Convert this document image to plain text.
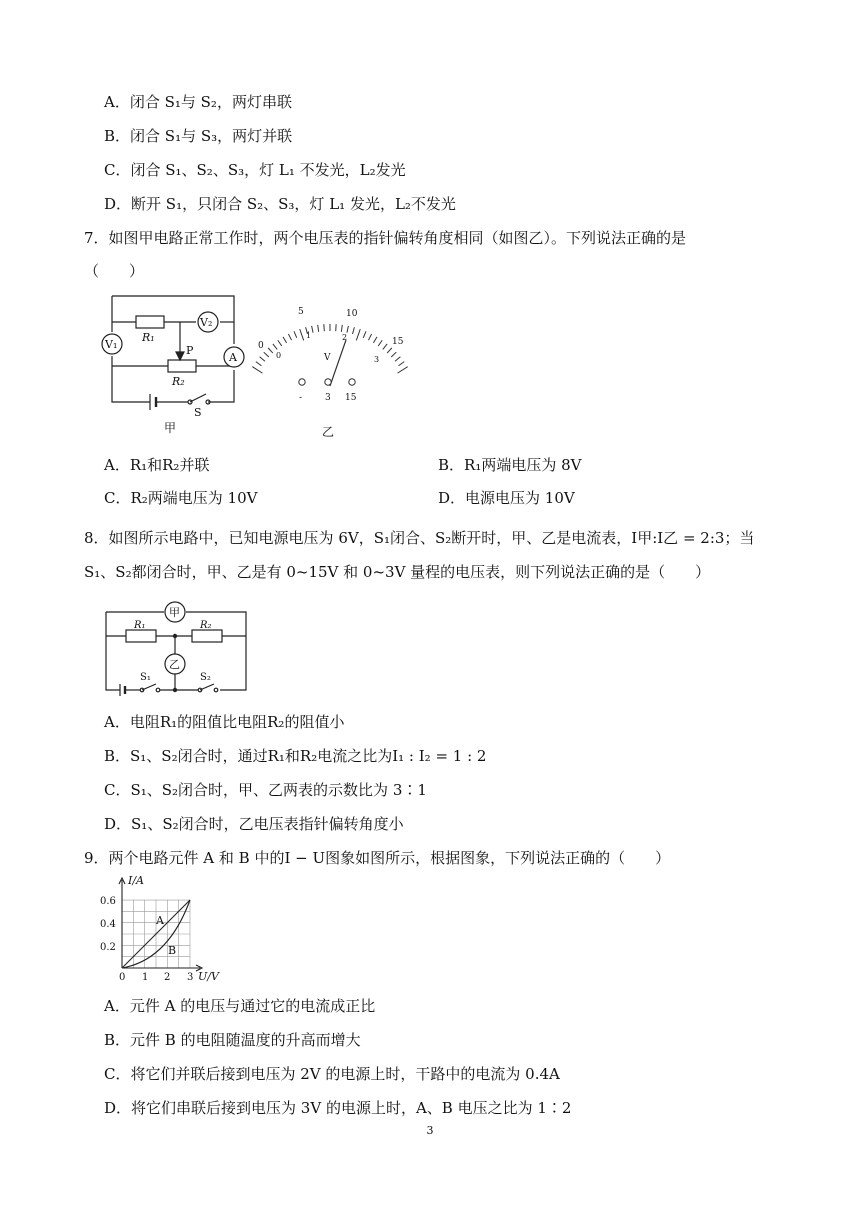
A．闭合 S₁与 S₂，两灯串联
B．闭合 S₁与 S₃，两灯并联
C．闭合 S₁、S₂、S₃，灯 L₁ 不发光，L₂发光
D．断开 S₁，只闭合 S₂、S₃，灯 L₁ 发光，L₂不发光
7．如图甲电路正常工作时，两个电压表的指针偏转角度相同（如图乙）。下列说法正确的是
（　　）
V₁
V₂
A
R₁
R₂
P
S
甲
0
5	10
15
0
1	2
3
V
-	3 15
乙
A．R₁和R₂并联	B．R₁两端电压为 8V
C．R₂两端电压为 10V	D．电源电压为 10V
8．如图所示电路中，已知电源电压为 6V，S₁闭合、S₂断开时，甲、乙是电流表，I甲:I乙 = 2:3；当
S₁、S₂都闭合时，甲、乙是有 0~15V 和 0~3V 量程的电压表，则下列说法正确的是（　　）
甲
乙
R₁	R₂
S₁	S₂
A．电阻R₁的阻值比电阻R₂的阻值小
B．S₁、S₂闭合时，通过R₁和R₂电流之比为I₁ : I₂ = 1 : 2
C．S₁、S₂闭合时，甲、乙两表的示数比为 3∶1
D．S₁、S₂闭合时，乙电压表指针偏转角度小
9．两个电路元件 A 和 B 中的I − U图象如图所示，根据图象，下列说法正确的（　　）
I/A
U/V
0.6
0.4
0.2
0 1 2 3
A
B
A．元件 A 的电压与通过它的电流成正比
B．元件 B 的电阻随温度的升高而增大
C．将它们并联后接到电压为 2V 的电源上时，干路中的电流为 0.4A
D．将它们串联后接到电压为 3V 的电源上时，A、B 电压之比为 1∶2
3
